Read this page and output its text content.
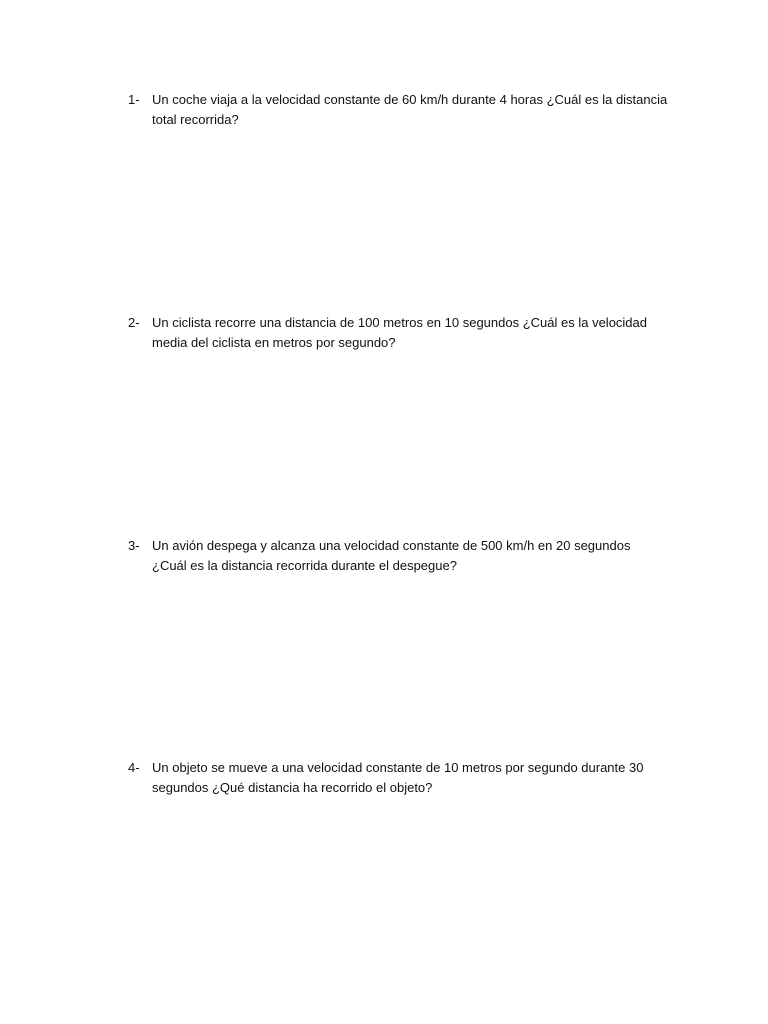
1- Un coche viaja a la velocidad constante de 60 km/h durante 4 horas ¿Cuál es la distancia total recorrida?
2- Un ciclista recorre una distancia de 100 metros en 10 segundos ¿Cuál es la velocidad media del ciclista en metros por segundo?
3- Un avión despega y alcanza una velocidad constante de 500 km/h en 20 segundos ¿Cuál es la distancia recorrida durante el despegue?
4- Un objeto se mueve a una velocidad constante de 10 metros por segundo durante 30 segundos ¿Qué distancia ha recorrido el objeto?
